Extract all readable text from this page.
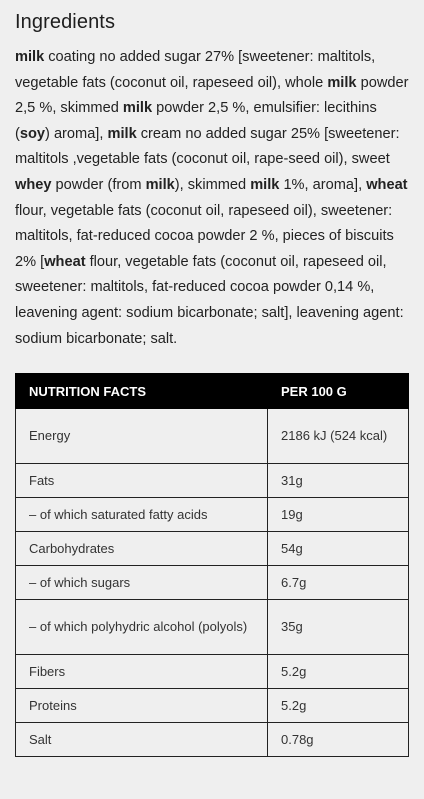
Ingredients

milk coating no added sugar 27% [sweetener: maltitols, vegetable fats (coconut oil, rapeseed oil), whole milk powder 2,5 %, skimmed milk powder 2,5 %, emulsifier: lecithins (soy) aroma], milk cream no added sugar 25% [sweetener: maltitols ,vegetable fats (coconut oil, rape-seed oil), sweet whey powder (from milk), skimmed milk 1%, aroma], wheat flour, vegetable fats (coconut oil, rapeseed oil), sweetener: maltitols, fat-reduced cocoa powder 2 %, pieces of biscuits 2% [wheat flour, vegetable fats (coconut oil, rapeseed oil, sweetener: maltitols, fat-reduced cocoa powder 0,14 %, leavening agent: sodium bicarbonate; salt], leavening agent: sodium bicarbonate; salt.

NUTRITION FACTS	PER 100 G
Energy	2186 kJ (524 kcal)
Fats	31g
– of which saturated fatty acids	19g
Carbohydrates	54g
– of which sugars	6.7g
– of which polyhydric alcohol (polyols)	35g
Fibers	5.2g
Proteins	5.2g
Salt	0.78g
